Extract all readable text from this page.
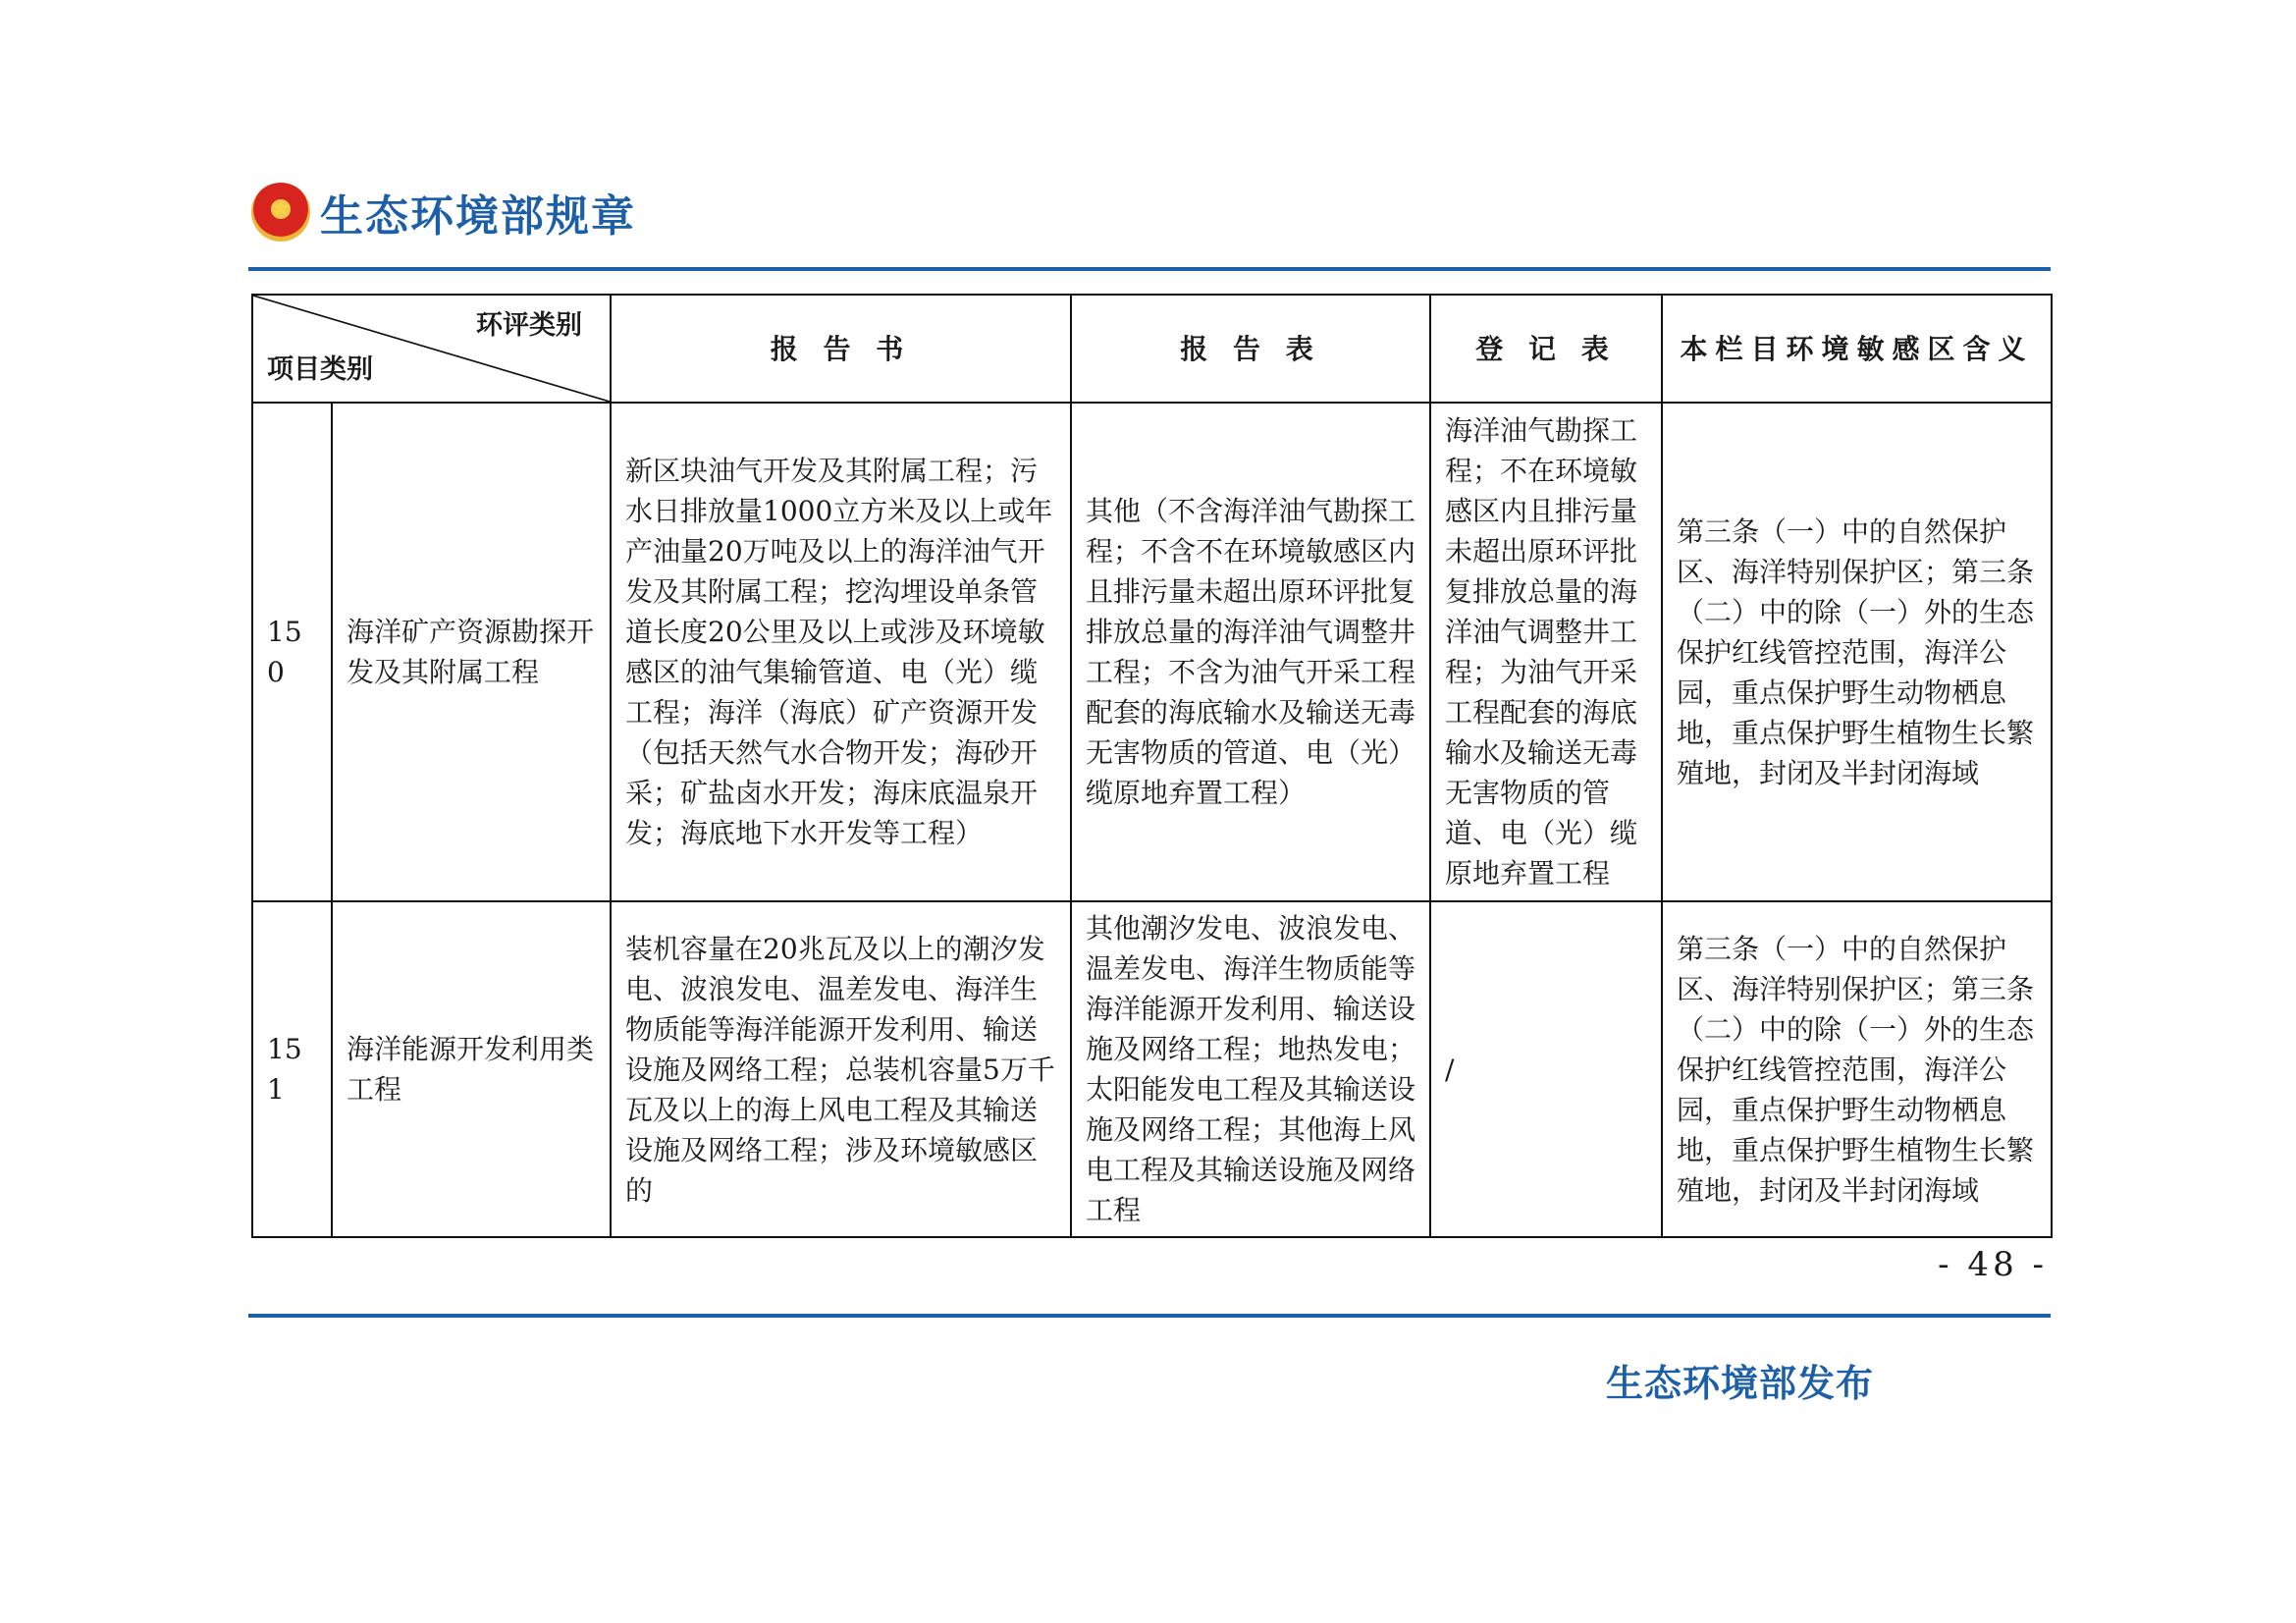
★
生态环境部规章
环评类别
项目类别		报 告 书	报 告 表	登 记 表	本栏目环境敏感区含义
150	海洋矿产资源勘探开发及其附属工程	新区块油气开发及其附属工程；污水日排放量1000立方米及以上或年产油量20万吨及以上的海洋油气开发及其附属工程；挖沟埋设单条管道长度20公里及以上或涉及环境敏感区的油气集输管道、电（光）缆工程；海洋（海底）矿产资源开发（包括天然气水合物开发；海砂开采；矿盐卤水开发；海床底温泉开发；海底地下水开发等工程）	其他（不含海洋油气勘探工程；不含不在环境敏感区内且排污量未超出原环评批复排放总量的海洋油气调整井工程；不含为油气开采工程配套的海底输水及输送无毒无害物质的管道、电（光）缆原地弃置工程）	海洋油气勘探工程；不在环境敏感区内且排污量未超出原环评批复排放总量的海洋油气调整井工程；为油气开采工程配套的海底输水及输送无毒无害物质的管道、电（光）缆原地弃置工程	第三条（一）中的自然保护区、海洋特别保护区；第三条（二）中的除（一）外的生态保护红线管控范围，海洋公园，重点保护野生动物栖息地，重点保护野生植物生长繁殖地，封闭及半封闭海域
151	海洋能源开发利用类工程	装机容量在20兆瓦及以上的潮汐发电、波浪发电、温差发电、海洋生物质能等海洋能源开发利用、输送设施及网络工程；总装机容量5万千瓦及以上的海上风电工程及其输送设施及网络工程；涉及环境敏感区的	其他潮汐发电、波浪发电、温差发电、海洋生物质能等海洋能源开发利用、输送设施及网络工程；地热发电；太阳能发电工程及其输送设施及网络工程；其他海上风电工程及其输送设施及网络工程	/	第三条（一）中的自然保护区、海洋特别保护区；第三条（二）中的除（一）外的生态保护红线管控范围，海洋公园，重点保护野生动物栖息地，重点保护野生植物生长繁殖地，封闭及半封闭海域
- 48 -
生态环境部发布
